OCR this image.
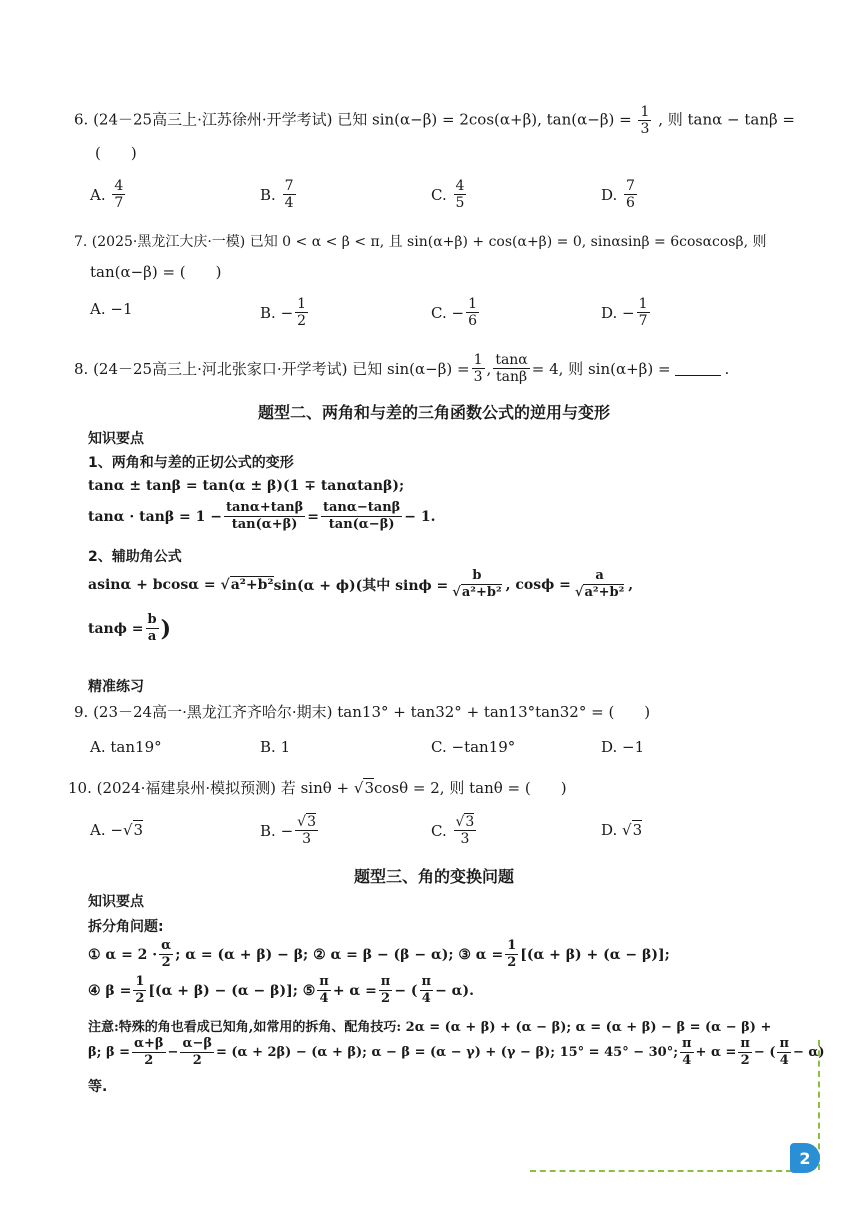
6. (24－25高三上·江苏徐州·开学考试) 已知 sin(α−β) = 2cos(α+β), $\tan(\alpha-\beta) = \frac{1}{3}$ , 则 tanα − tanβ =
(　　)
A.
$\frac{4}{7}$	B.
$\frac{7}{4}$	C.
$\frac{4}{5}$	D.
$\frac{7}{6}$
7. (2025·黑龙江大庆·一模) 已知 0 < α < β < π, 且 sin(α+β) + cos(α+β) = 0, sinαsinβ = 6cosαcosβ, 则
tan(α−β) = (　　)
A.
−1	B.
− $\frac{1}{2}$	C.
− $\frac{1}{6}$	D.
− $\frac{1}{7}$
8. (24－25高三上·河北张家口·开学考试) 已知 $\sin(\alpha-\beta) = \frac{1}{3}$ , $\frac{\tan\alpha}{\tan\beta} = 4$, 则 sin(α+β) =	.
题型二、两角和与差的三角函数公式的逆用与变形
知识要点
1、两角和与差的正切公式的变形
tanα ± tanβ = tan(α ± β)(1 ∓ tanαtanβ);
$\tan\alpha \cdot \tan\beta = 1 - \frac{\tan\alpha+\tan\beta}{\tan(\alpha+\beta)} = \frac{\tan\alpha-\tan\beta}{\tan(\alpha-\beta)} - 1$.
2、辅助角公式
asinα + bcosα = √ a²+b² sin(α + ϕ)(其中 $\sin\phi = \frac{b}{\text{√a²+b²}}$ , $\cos\phi = \frac{a}{\text{√a²+b²}}$ ,
$\tan\phi = \frac{b}{a}$ )
精准练习
9. (23－24高一·黑龙江齐齐哈尔·期末) tan13° + tan32° + tan13°tan32° = (　　)
A.
tan19°	B.
1	C.
−tan19°	D.
−1
10. (2024·福建泉州·模拟预测) 若 sinθ + √3cosθ = 2, 则 tanθ = (　　)
A.
− √ 3	B.
− $\frac{√3}{3}$	C.
$\frac{√3}{3}$	D. √ 3
题型三、角的变换问题
知识要点
拆分角问题:
① $\alpha = 2 \cdot \frac{\alpha}{2}$ ; α = (α + β) − β; ② α = β − (β − α); ③ $\alpha = \frac{1}{2} [(\alpha + \beta) + (\alpha - \beta)]$;
④ $\beta = \frac{1}{2} [(\alpha + \beta) - (\alpha - \beta)]$; ⑤ $\frac{\pi}{4} + \alpha = \frac{\pi}{2}$ − ( $\frac{\pi}{4} - \alpha$).
注意:特殊的角也看成已知角,如常用的拆角、配角技巧: 2α = (α + β) + (α − β); α = (α + β) − β = (α − β) +
β; $\beta = \frac{\alpha+\beta}{2} - \frac{\alpha-\beta}{2} = (\alpha + 2\beta) - (\alpha + \beta)$; α − β = (α − γ) + (γ − β); 15° = 45° − 30°; $\frac{\pi}{4} + \alpha = \frac{\pi}{2}$ − ( $\frac{\pi}{4} - \alpha$)
等.
2
